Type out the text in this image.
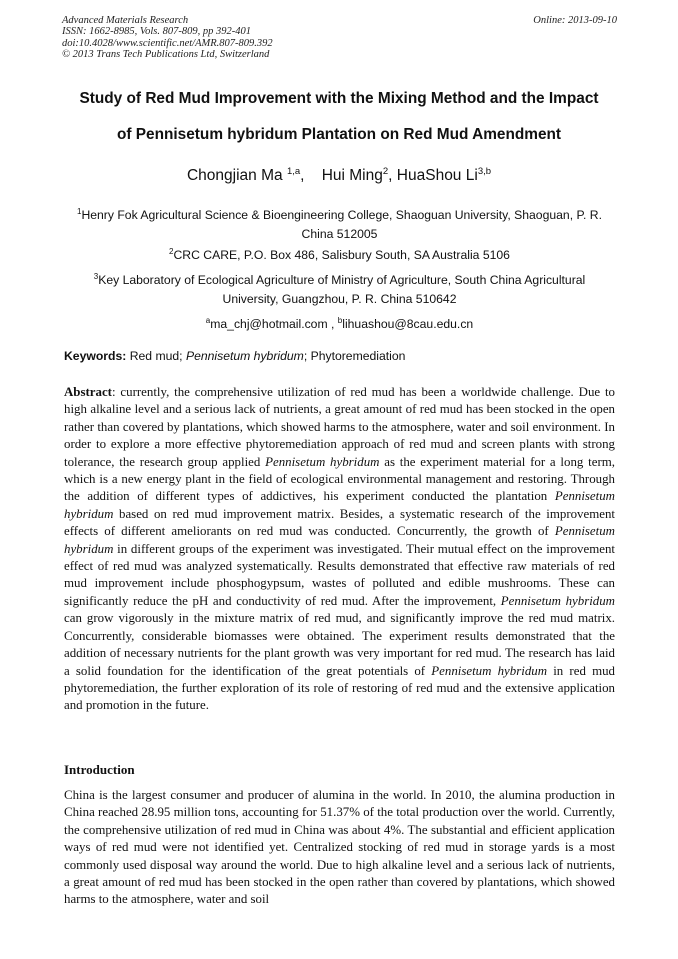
Advanced Materials Research
ISSN: 1662-8985, Vols. 807-809, pp 392-401
doi:10.4028/www.scientific.net/AMR.807-809.392
© 2013 Trans Tech Publications Ltd, Switzerland
Online: 2013-09-10
Study of Red Mud Improvement with the Mixing Method and the Impact
of Pennisetum hybridum Plantation on Red Mud Amendment
Chongjian Ma $^{1,a}$, Hui Ming$^2$, HuaShou Li$^{3,b}$
$^1$Henry Fok Agricultural Science & Bioengineering College, Shaoguan University, Shaoguan, P. R. China 512005
$^2$CRC CARE, P.O. Box 486, Salisbury South, SA Australia 5106
$^3$Key Laboratory of Ecological Agriculture of Ministry of Agriculture, South China Agricultural University, Guangzhou, P. R. China 510642
$^a$ma_chj@hotmail.com , $^b$lihuashou@8cau.edu.cn
Keywords: Red mud; Pennisetum hybridum; Phytoremediation
Abstract: currently, the comprehensive utilization of red mud has been a worldwide challenge. Due to high alkaline level and a serious lack of nutrients, a great amount of red mud has been stocked in the open rather than covered by plantations, which showed harms to the atmosphere, water and soil environment. In order to explore a more effective phytoremediation approach of red mud and screen plants with strong tolerance, the research group applied Pennisetum hybridum as the experiment material for a long term, which is a new energy plant in the field of ecological environmental management and restoring. Through the addition of different types of addictives, his experiment conducted the plantation Pennisetum hybridum based on red mud improvement matrix. Besides, a systematic research of the improvement effects of different ameliorants on red mud was conducted. Concurrently, the growth of Pennisetum hybridum in different groups of the experiment was investigated. Their mutual effect on the improvement effect of red mud was analyzed systematically. Results demonstrated that effective raw materials of red mud improvement include phosphogypsum, wastes of polluted and edible mushrooms. These can significantly reduce the pH and conductivity of red mud. After the improvement, Pennisetum hybridum can grow vigorously in the mixture matrix of red mud, and significantly improve the red mud matrix. Concurrently, considerable biomasses were obtained. The experiment results demonstrated that the addition of necessary nutrients for the plant growth was very important for red mud. The research has laid a solid foundation for the identification of the great potentials of Pennisetum hybridum in red mud phytoremediation, the further exploration of its role of restoring of red mud and the extensive application and promotion in the future.
Introduction
China is the largest consumer and producer of alumina in the world. In 2010, the alumina production in China reached 28.95 million tons, accounting for 51.37% of the total production over the world. Currently, the comprehensive utilization of red mud in China was about 4%. The substantial and efficient application ways of red mud were not identified yet. Centralized stocking of red mud in storage yards is a most commonly used disposal way around the world. Due to high alkaline level and a serious lack of nutrients, a great amount of red mud has been stocked in the open rather than covered by plantations, which showed harms to the atmosphere, water and soil
